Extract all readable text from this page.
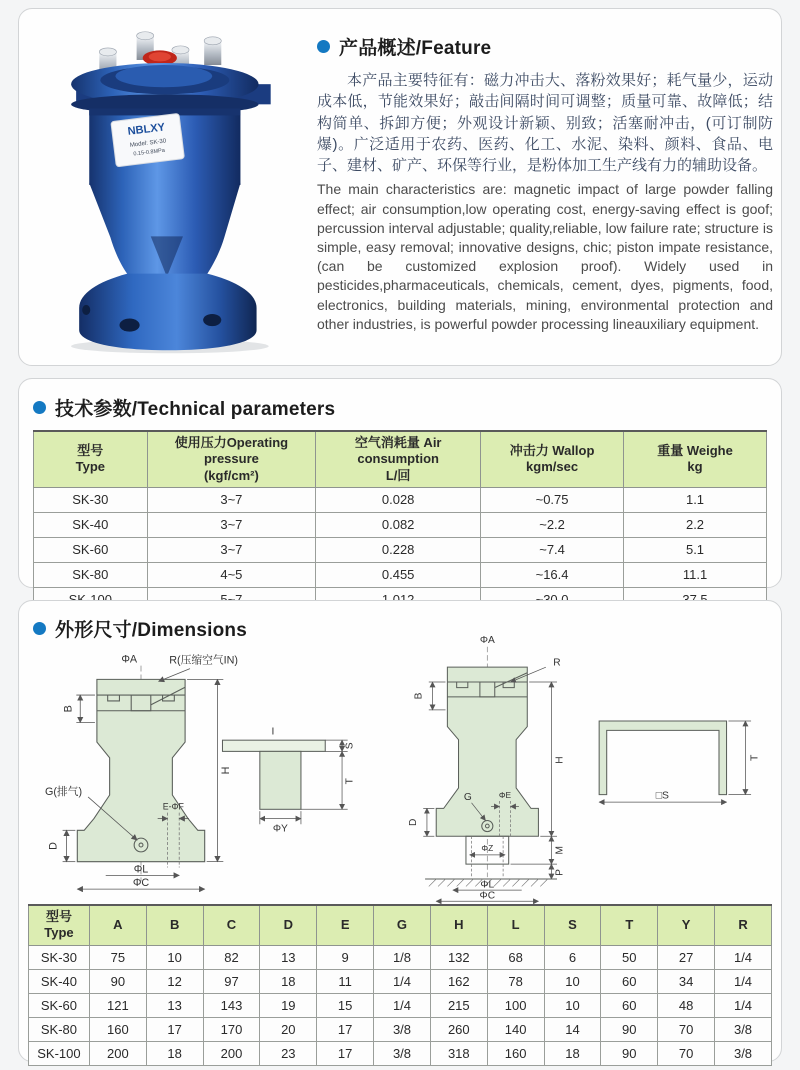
NBLXY
Model: SK-30
0.15-0.8MPa
产品概述/Feature

本产品主要特征有：磁力冲击大、落粉效果好；耗气量少，运动成本低，节能效果好；敲击间隔时间可调整；质量可靠、故障低；结构简单、拆卸方便；外观设计新颖、别致；活塞耐冲击，(可订制防爆)。广泛适用于农药、医药、化工、水泥、染料、颜料、食品、电子、建材、矿产、环保等行业，是粉体加工生产线有力的辅助设备。

The main characteristics are: magnetic impact of large powder falling effect; air consumption,low operating cost, energy-saving effect is goof; percussion interval adjustable; quality,reliable, low failure rate; structure is simple, easy removal; innovative designs, chic; piston impate resistance,(can be customized explosion proof). Widely used in pesticides,pharmaceuticals, chemicals, cement, dyes, pigments, food, electronics, building materials, mining, environmental protection and other industries, is powerful powder processing lineauxiliary equipment.

技术参数/Technical parameters
型号
Type

使用压力Operating pressure
(kgf/cm²)

空气消耗量 Air consumption
L/回

冲击力 Wallop
kgm/sec

重量 Weighe
kg

SK-30	3~7	0.028	~0.75	1.1
SK-40	3~7	0.082	~2.2	2.2
SK-60	3~7	0.228	~7.4	5.1
SK-80	4~5	0.455	~16.4	11.1

外形尺寸/Dimensions
ΦA	R(压缩空气IN)
B
H
G(排气)
E-ΦF
D
ΦL
ΦC
I
S
T
ΦY
ΦA
R
B
H
G	ΦE
D
ΦZ	M
P
ΦL
ΦC
□S
T
型号
Type	A	B	C	D	E	G	H	L	S	T	Y	R
SK-30	75	10	82	13	9	1/8	132	68	6	50	27	1/4
SK-40	90	12	97	18	11	1/4	162	78	10	60	34	1/4
SK-60	121	13	143	19	15	1/4	215	100	10	60	48	1/4
SK-80	160	17	170	20	17	3/8	260	140	14	90	70	3/8
SK-100	200	18	200	23	17	3/8	318	160	18	90	70	3/8
